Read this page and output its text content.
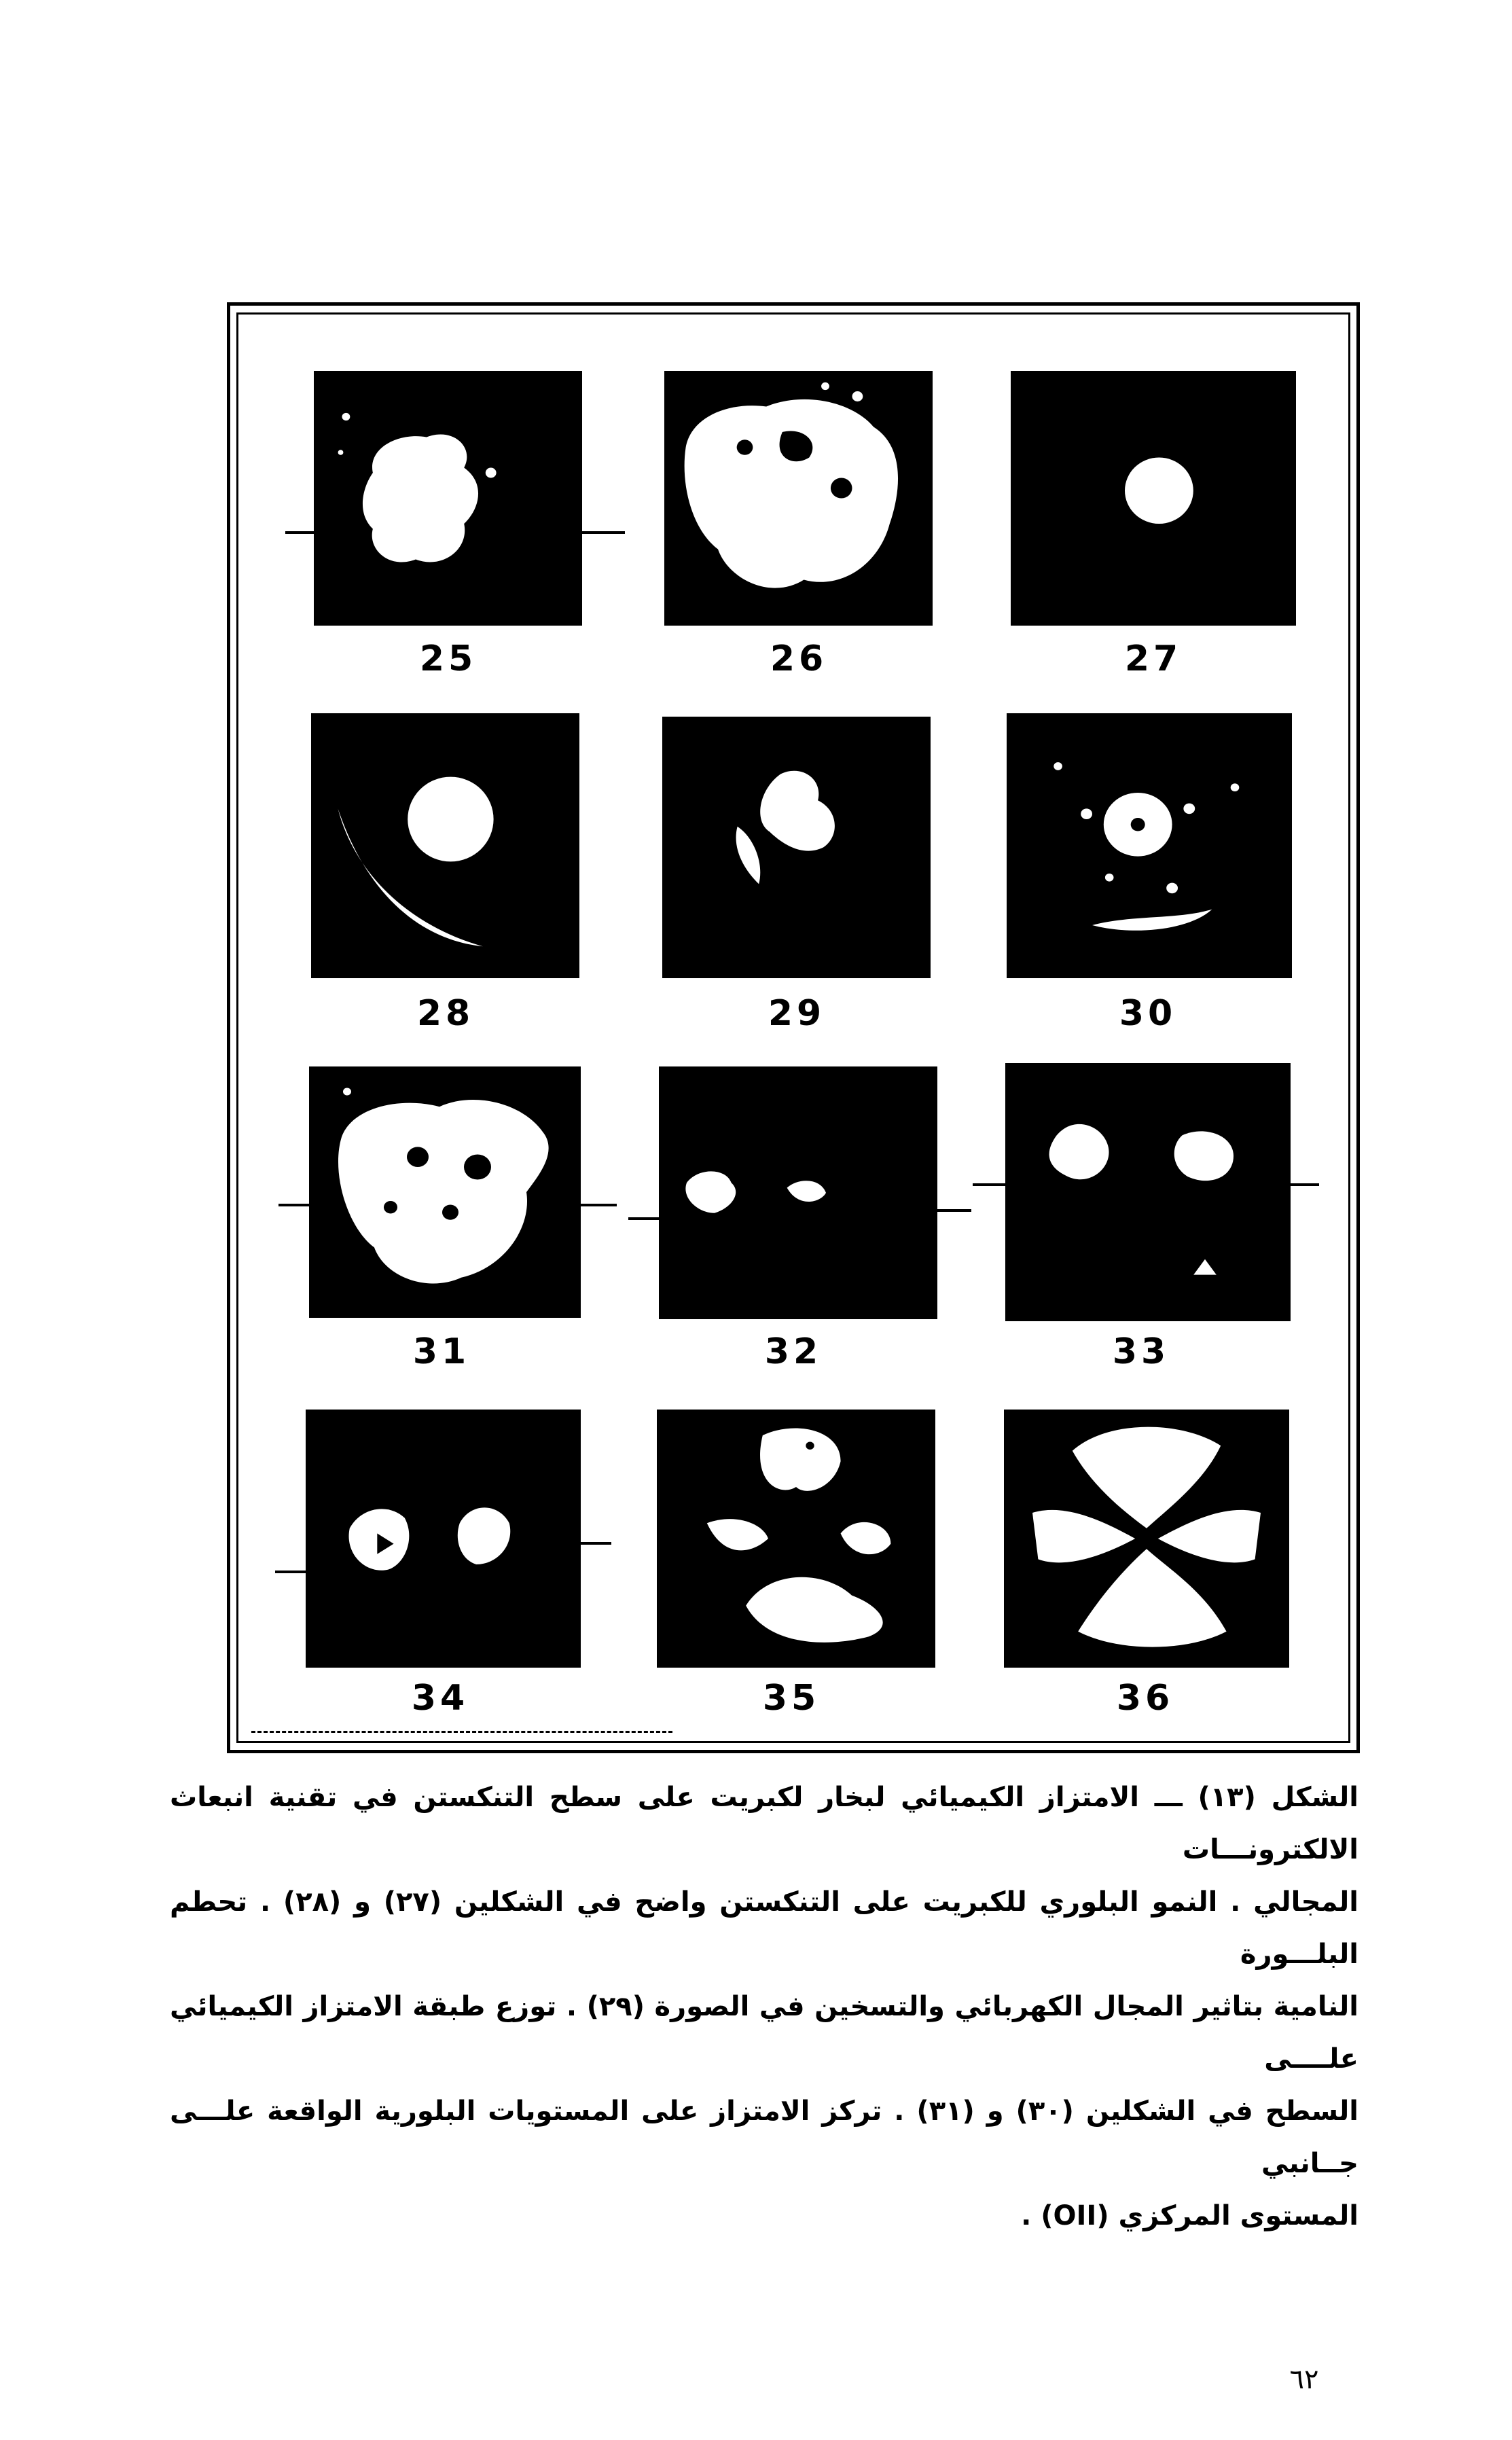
25	26	27
28	29	30
31	32	33
34	35	36

الشكل (١٣) ـــ الامتزاز الكيميائي لبخار لكبريت على سطح التنكستن في تقنية انبعاث الالكترونـــات

المجالي . النمو البلوري للكبريت على التنكستن واضح في الشكلين (٢٧) و (٢٨) . تحطم البلـــورة

النامية بتاثير المجال الكهربائي والتسخين في الصورة (٢٩) . توزع طبقة الامتزاز الكيميائي علــــى

السطح في الشكلين (٣٠) و (٣١) . تركز الامتزاز على المستويات البلورية الواقعة علـــى جــانبي

المستوى المركزي (OII) .

٦٢
